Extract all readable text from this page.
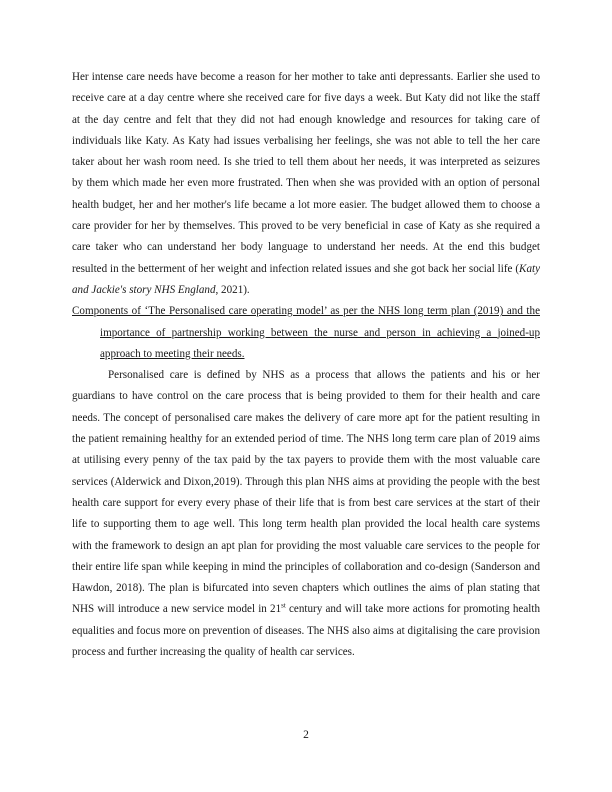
Her intense care needs have become a reason for her mother to take anti depressants. Earlier she used to receive care at a day centre where she received care for five days a week. But Katy did not like the staff at the day centre and felt that they did not had enough knowledge and resources for taking care of individuals like Katy. As Katy had issues verbalising her feelings, she was not able to tell the her care taker about her wash room need. Is she tried to tell them about her needs, it was interpreted as seizures by them which made her even more frustrated. Then when she was provided with an option of personal health budget, her and her mother's life became a lot more easier. The budget allowed them to choose a care provider for her by themselves. This proved to be very beneficial in case of Katy as she required a care taker who can understand her body language to understand her needs. At the end this budget resulted in the betterment of her weight and infection related issues and she got back her social life (Katy and Jackie's story NHS England, 2021).

Components of ‘The Personalised care operating model’ as per the NHS long term plan (2019) and the importance of partnership working between the nurse and person in achieving a joined-up approach to meeting their needs.

Personalised care is defined by NHS as a process that allows the patients and his or her guardians to have control on the care process that is being provided to them for their health and care needs. The concept of personalised care makes the delivery of care more apt for the patient resulting in the patient remaining healthy for an extended period of time. The NHS long term care plan of 2019 aims at utilising every penny of the tax paid by the tax payers to provide them with the most valuable care services (Alderwick and Dixon,2019). Through this plan NHS aims at providing the people with the best health care support for every every phase of their life that is from best care services at the start of their life to supporting them to age well. This long term health plan provided the local health care systems with the framework to design an apt plan for providing the most valuable care services to the people for their entire life span while keeping in mind the principles of collaboration and co-design (Sanderson and Hawdon, 2018). The plan is bifurcated into seven chapters which outlines the aims of plan stating that NHS will introduce a new service model in 21st century and will take more actions for promoting health equalities and focus more on prevention of diseases. The NHS also aims at digitalising the care provision process and further increasing the quality of health car services.

2
